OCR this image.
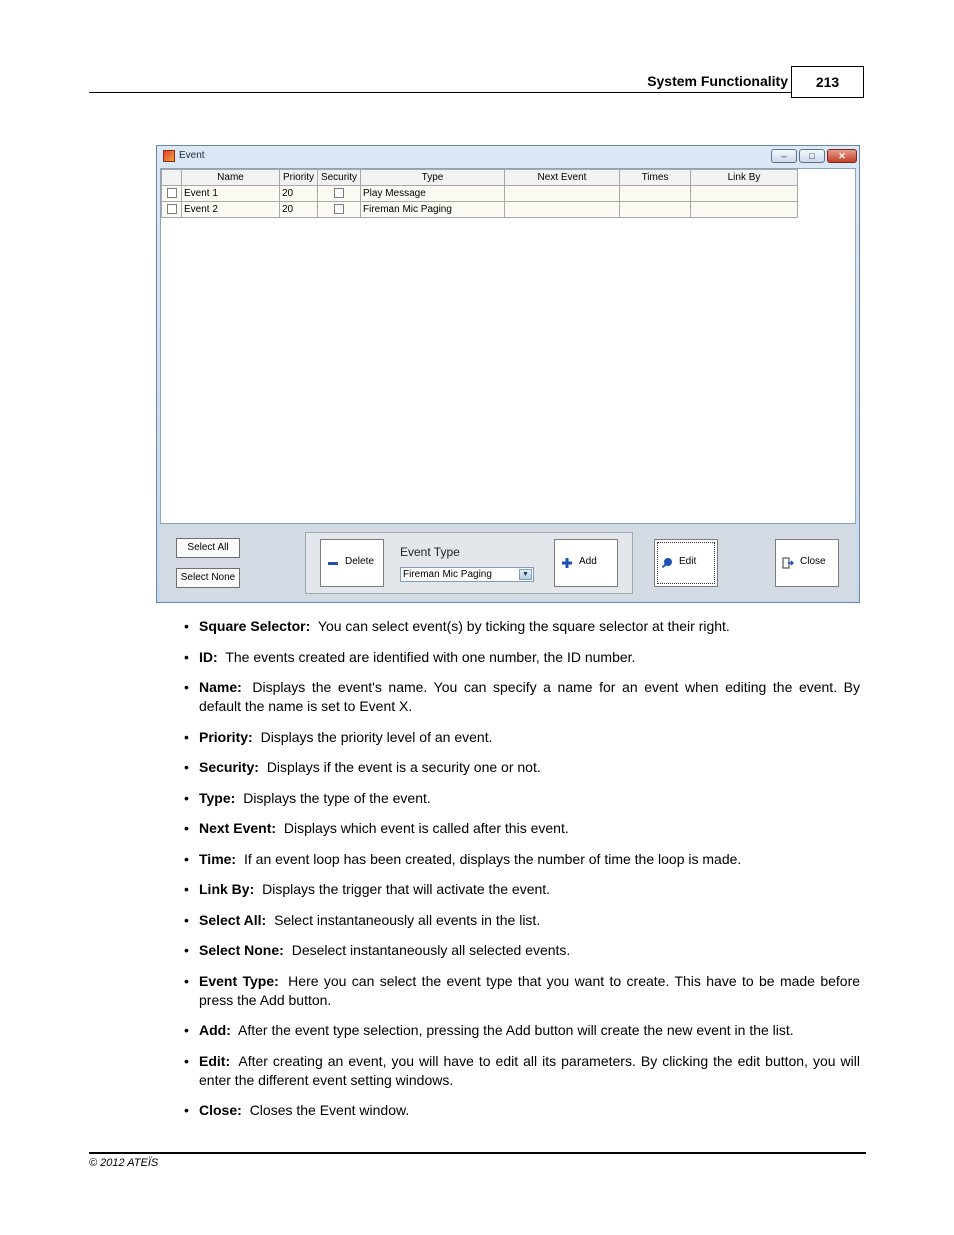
System Functionality	213
Event	–	□	✕
	Name	Priority	Security	Type	Next Event	Times	Link By
	Event 1	20		Play Message			
	Event 2	20		Fireman Mic Paging			
Select All
Select None
Delete
Event Type
Fireman Mic Paging	▼
Add	Edit	Close
• Square Selector: You can select event(s) by ticking the square selector at their right.
• ID: The events created are identified with one number, the ID number.
• Name: Displays the event's name. You can specify a name for an event when editing the event. By default the name is set to Event X.
• Priority: Displays the priority level of an event.
• Security: Displays if the event is a security one or not.
• Type: Displays the type of the event.
• Next Event: Displays which event is called after this event.
• Time: If an event loop has been created, displays the number of time the loop is made.
• Link By: Displays the trigger that will activate the event.
• Select All: Select instantaneously all events in the list.
• Select None: Deselect instantaneously all selected events.
• Event Type: Here you can select the event type that you want to create. This have to be made before press the Add button.
• Add: After the event type selection, pressing the Add button will create the new event in the list.
• Edit: After creating an event, you will have to edit all its parameters. By clicking the edit button, you will enter the different event setting windows.
• Close: Closes the Event window.
© 2012 ATEÏS
